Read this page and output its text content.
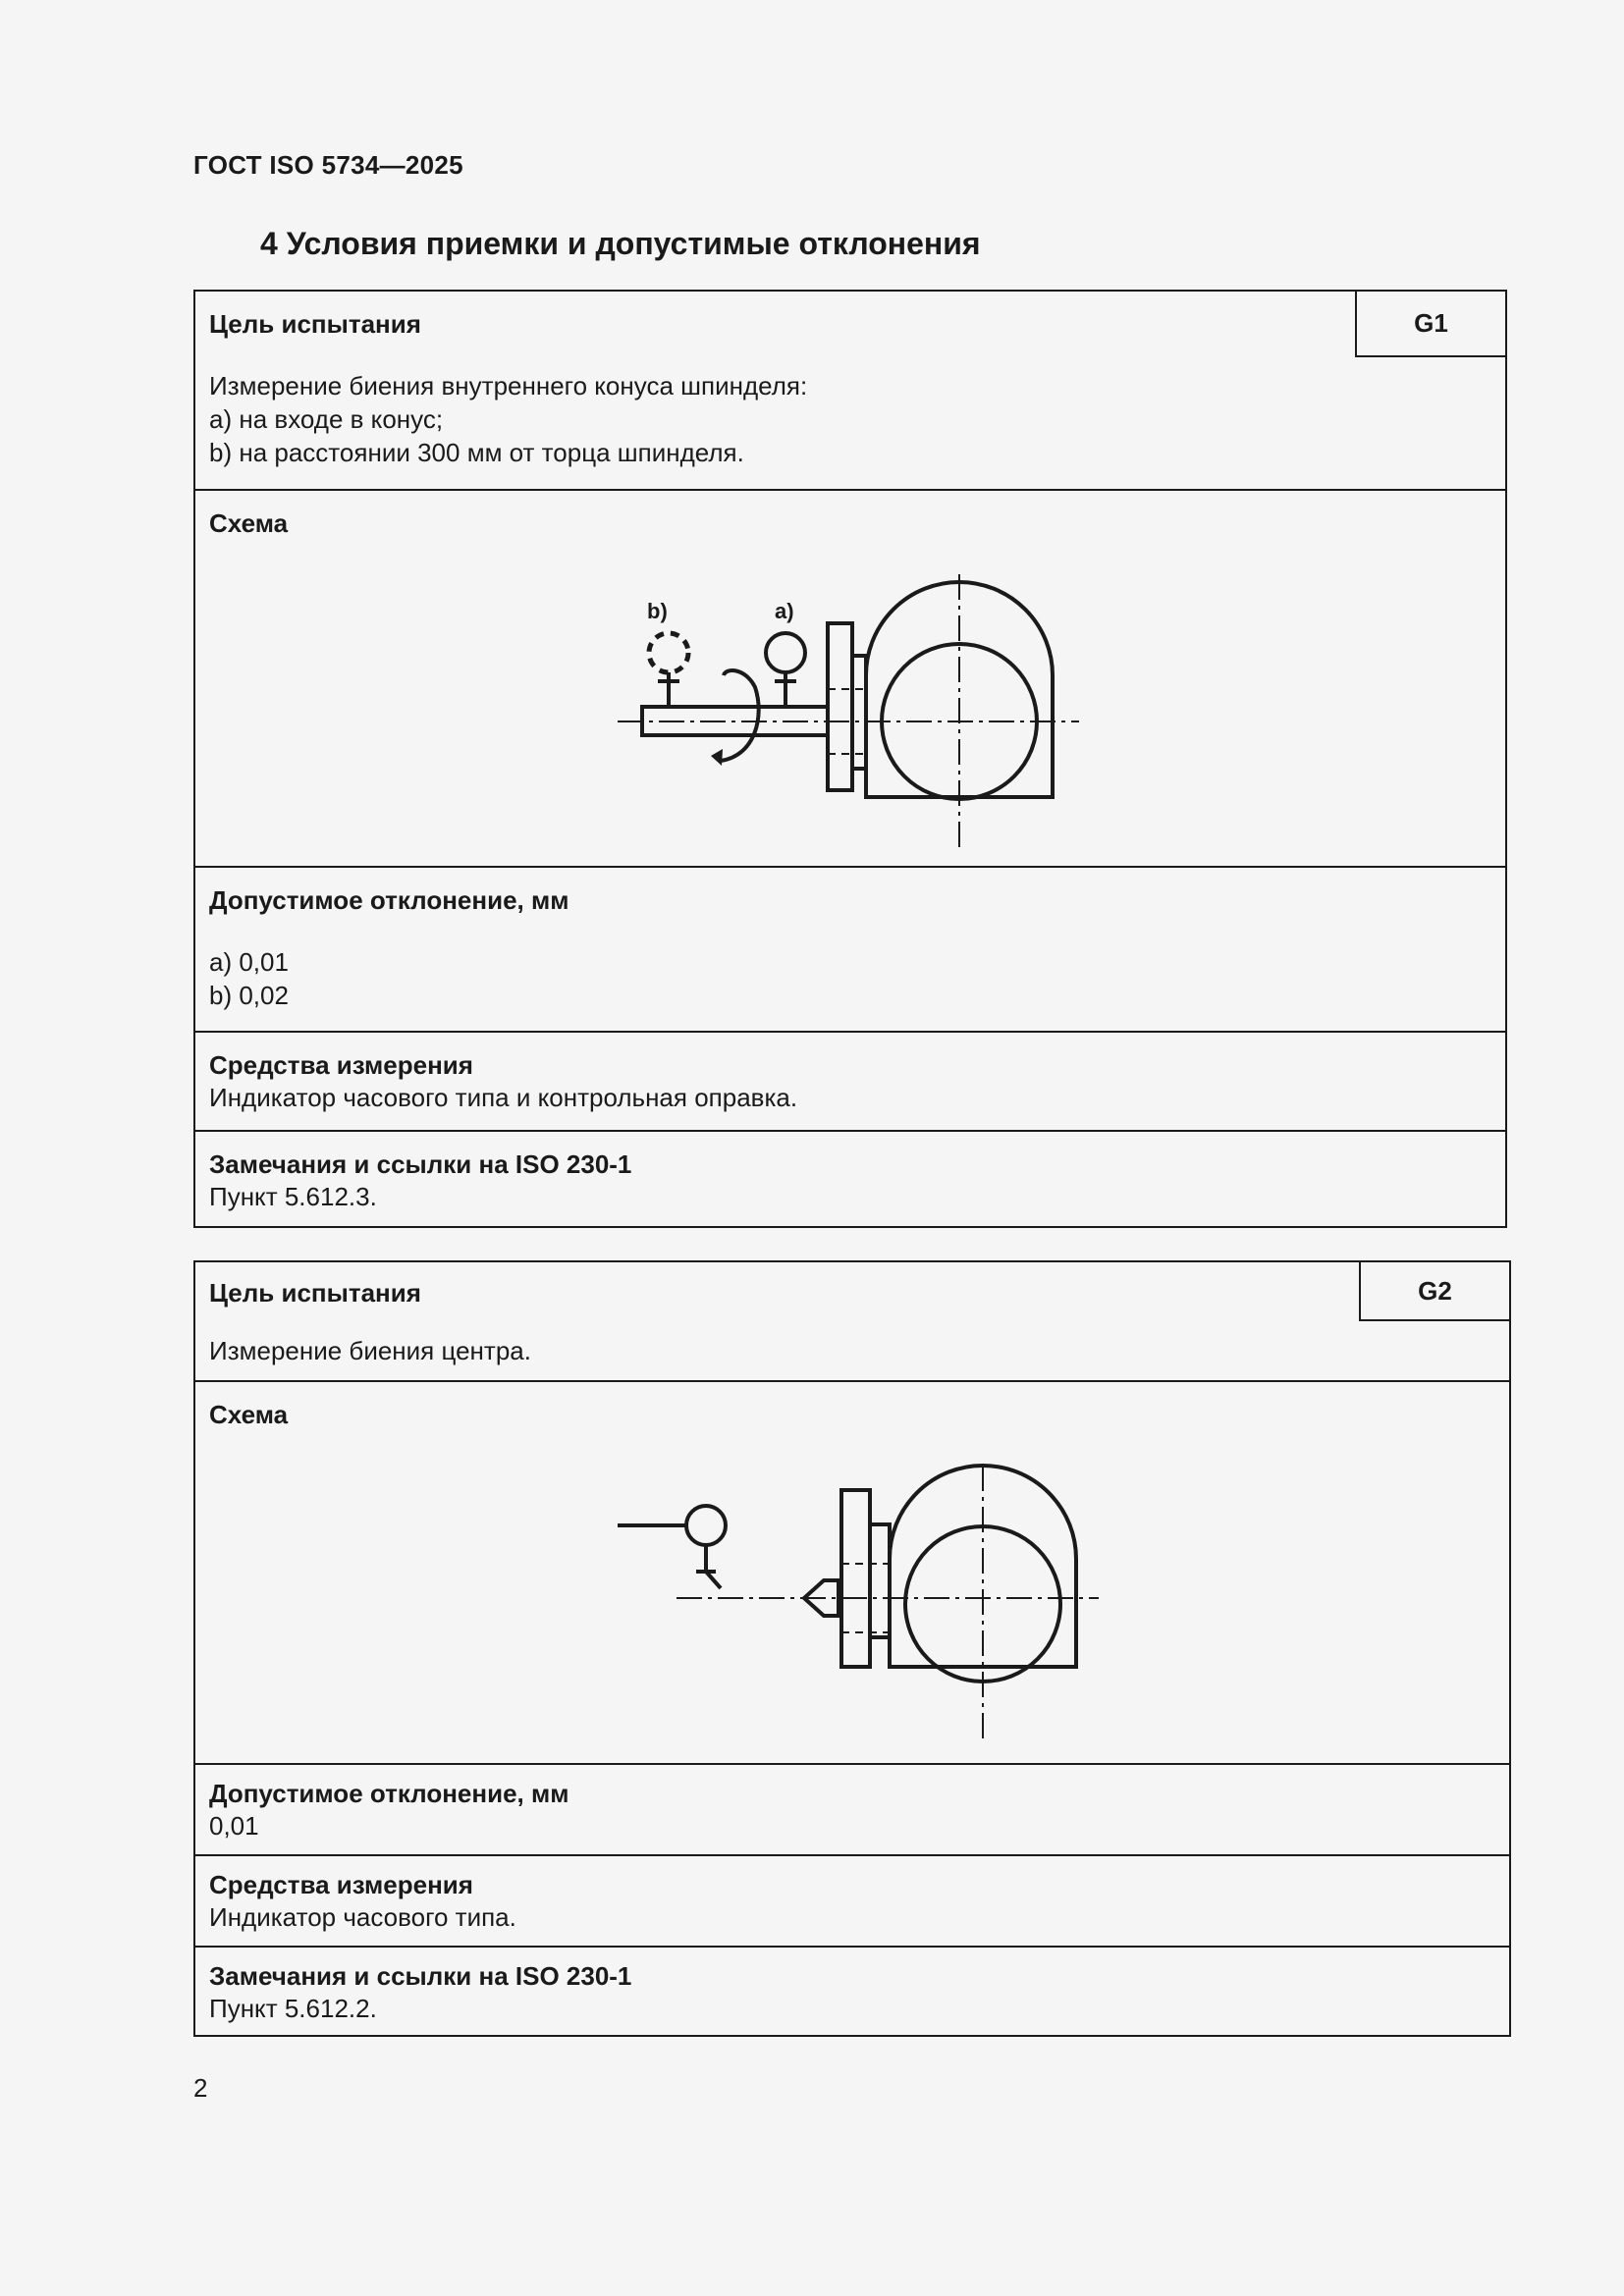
ГОСТ ISO 5734—2025
4 Условия приемки и допустимые отклонения
G1
Цель испытания
Измерение биения внутреннего конуса шпинделя:
a) на входе в конус;
b) на расстоянии 300 мм от торца шпинделя.
Схема
b)	a)
Допустимое отклонение, мм
a) 0,01
b) 0,02
Средства измерения
Индикатор часового типа и контрольная оправка.
Замечания и ссылки на ISO 230-1
Пункт 5.612.3.
G2
Цель испытания
Измерение биения центра.
Схема
Допустимое отклонение, мм
0,01
Средства измерения
Индикатор часового типа.
Замечания и ссылки на ISO 230-1
Пункт 5.612.2.
2
